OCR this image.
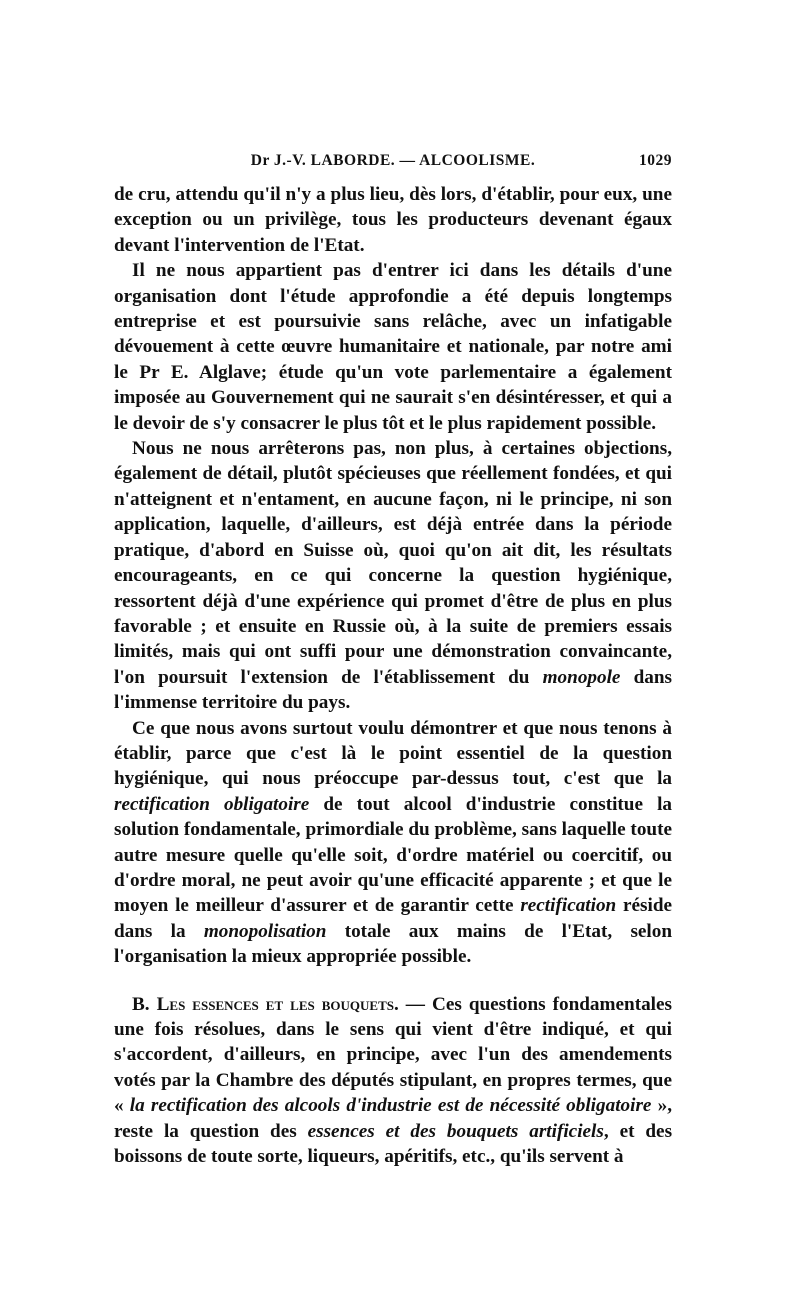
Dr J.-V. LABORDE. — ALCOOLISME.	1029

de cru, attendu qu'il n'y a plus lieu, dès lors, d'établir, pour eux, une exception ou un privilège, tous les producteurs devenant égaux devant l'intervention de l'Etat.

Il ne nous appartient pas d'entrer ici dans les détails d'une organisation dont l'étude approfondie a été depuis longtemps entreprise et est poursuivie sans relâche, avec un infatigable dévouement à cette œuvre humanitaire et nationale, par notre ami le Pr E. Alglave; étude qu'un vote parlementaire a également imposée au Gouvernement qui ne saurait s'en désintéresser, et qui a le devoir de s'y consacrer le plus tôt et le plus rapidement possible.

Nous ne nous arrêterons pas, non plus, à certaines objections, également de détail, plutôt spécieuses que réellement fondées, et qui n'atteignent et n'entament, en aucune façon, ni le principe, ni son application, laquelle, d'ailleurs, est déjà entrée dans la période pratique, d'abord en Suisse où, quoi qu'on ait dit, les résultats encourageants, en ce qui concerne la question hygiénique, ressortent déjà d'une expérience qui promet d'être de plus en plus favorable ; et ensuite en Russie où, à la suite de premiers essais limités, mais qui ont suffi pour une démonstration convaincante, l'on poursuit l'extension de l'établissement du monopole dans l'immense territoire du pays.

Ce que nous avons surtout voulu démontrer et que nous tenons à établir, parce que c'est là le point essentiel de la question hygiénique, qui nous préoccupe par-dessus tout, c'est que la rectification obligatoire de tout alcool d'industrie constitue la solution fondamentale, primordiale du problème, sans laquelle toute autre mesure quelle qu'elle soit, d'ordre matériel ou coercitif, ou d'ordre moral, ne peut avoir qu'une efficacité apparente ; et que le moyen le meilleur d'assurer et de garantir cette rectification réside dans la monopolisation totale aux mains de l'Etat, selon l'organisation la mieux appropriée possible.

B. Les essences et les bouquets. — Ces questions fondamentales une fois résolues, dans le sens qui vient d'être indiqué, et qui s'accordent, d'ailleurs, en principe, avec l'un des amendements votés par la Chambre des députés stipulant, en propres termes, que « la rectification des alcools d'industrie est de nécessité obligatoire », reste la question des essences et des bouquets artificiels, et des boissons de toute sorte, liqueurs, apéritifs, etc., qu'ils servent à
